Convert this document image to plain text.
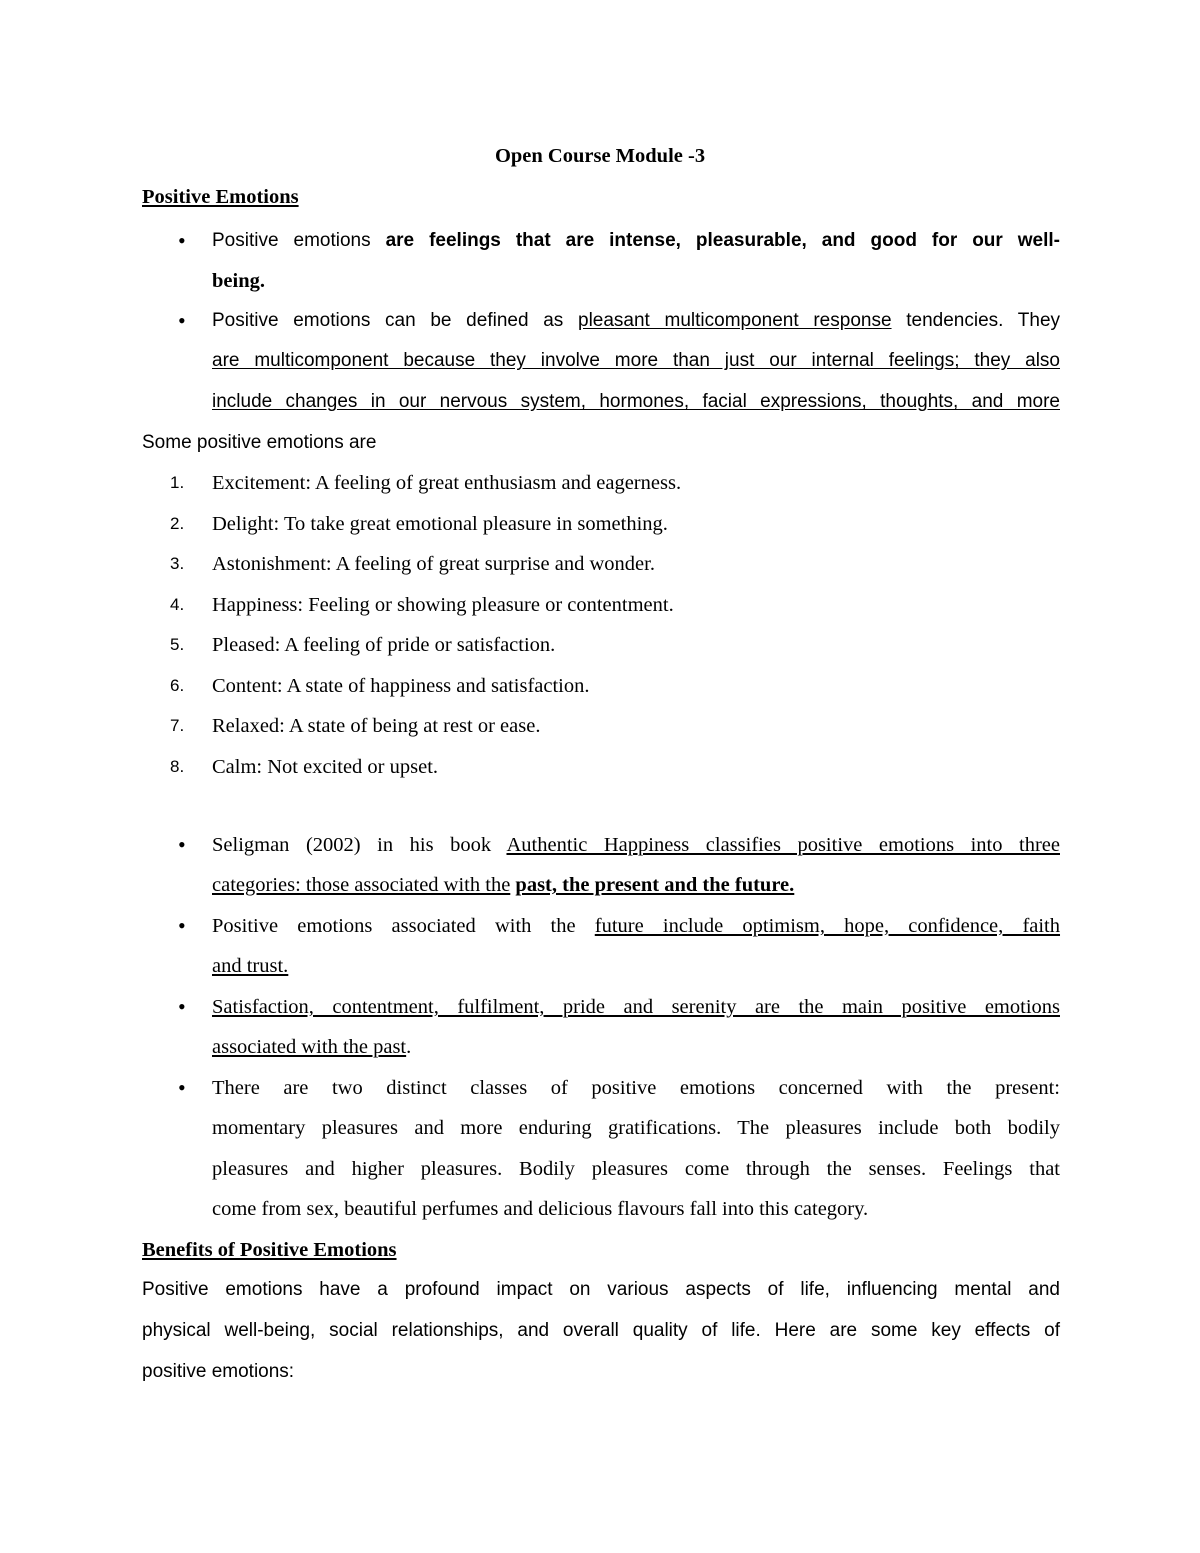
Open Course Module -3
Positive Emotions
•
Positive emotions are feelings that are intense, pleasurable, and good for our well-
being.
•
Positive emotions can be defined as pleasant multicomponent response tendencies. They
are multicomponent because they involve more than just our internal feelings; they also
include changes in our nervous system, hormones, facial expressions, thoughts, and more
Some positive emotions are
1. Excitement: A feeling of great enthusiasm and eagerness.
2. Delight: To take great emotional pleasure in something.
3. Astonishment: A feeling of great surprise and wonder.
4. Happiness: Feeling or showing pleasure or contentment.
5. Pleased: A feeling of pride or satisfaction.
6. Content: A state of happiness and satisfaction.
7. Relaxed: A state of being at rest or ease.
8. Calm: Not excited or upset.
•
Seligman (2002) in his book Authentic Happiness classifies positive emotions into three
categories: those associated with the past, the present and the future.
•
Positive emotions associated with the future include optimism, hope, confidence, faith
and trust.
•
Satisfaction, contentment, fulfilment, pride and serenity are the main positive emotions
associated with the past.
•
There are two distinct classes of positive emotions concerned with the present:
momentary pleasures and more enduring gratifications. The pleasures include both bodily
pleasures and higher pleasures. Bodily pleasures come through the senses. Feelings that
come from sex, beautiful perfumes and delicious flavours fall into this category.
Benefits of Positive Emotions
Positive emotions have a profound impact on various aspects of life, influencing mental and
physical well-being, social relationships, and overall quality of life. Here are some key effects of
positive emotions:
